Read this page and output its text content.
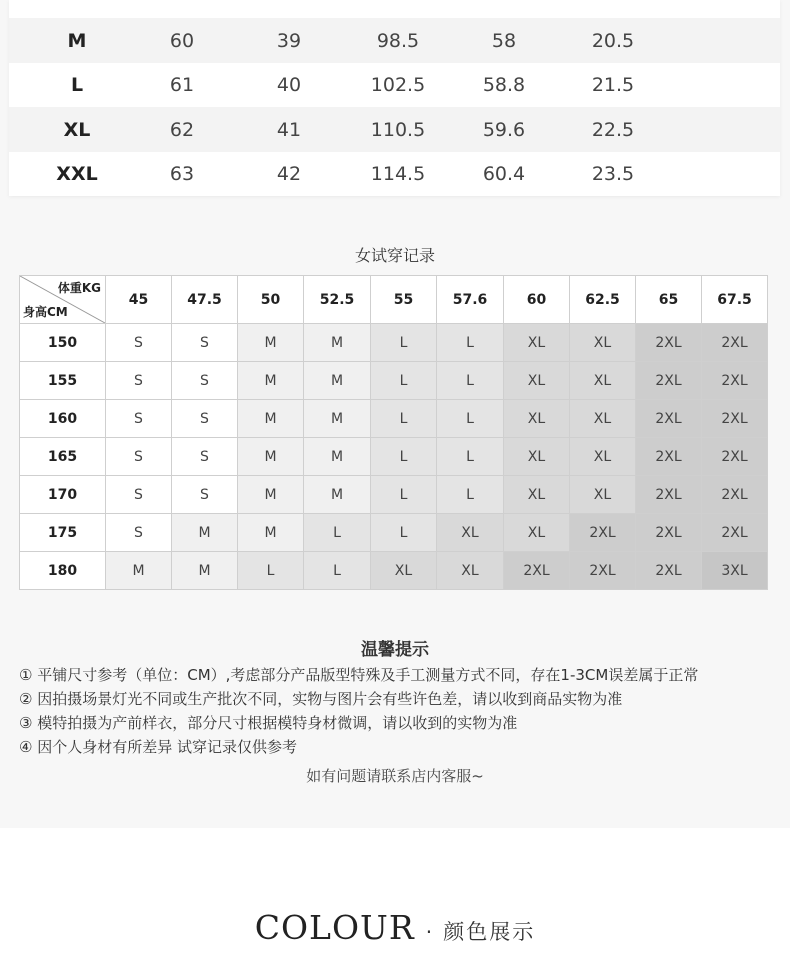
M	60	39	98.5	58	20.5
L	61	40	102.5	58.8	21.5
XL	62	41	110.5	59.6	22.5
XXL	63	42	114.5	60.4	23.5
女试穿记录
体重KG
身高CM	45	47.5	50	52.5	55	57.6	60	62.5	65	67.5
150	S	S	M	M	L	L	XL	XL	2XL	2XL
155	S	S	M	M	L	L	XL	XL	2XL	2XL
160	S	S	M	M	L	L	XL	XL	2XL	2XL
165	S	S	M	M	L	L	XL	XL	2XL	2XL
170	S	S	M	M	L	L	XL	XL	2XL	2XL
175	S	M	M	L	L	XL	XL	2XL	2XL	2XL
180	M	M	L	L	XL	XL	2XL	2XL	2XL	3XL
温馨提示
① 平铺尺寸参考（单位：CM）,考虑部分产品版型特殊及手工测量方式不同，存在1-3CM误差属于正常
② 因拍摄场景灯光不同或生产批次不同，实物与图片会有些许色差，请以收到商品实物为准
③ 模特拍摄为产前样衣，部分尺寸根据模特身材微调，请以收到的实物为准
④ 因个人身材有所差异 试穿记录仅供参考
如有问题请联系店内客服~
COLOUR · 颜色展示
